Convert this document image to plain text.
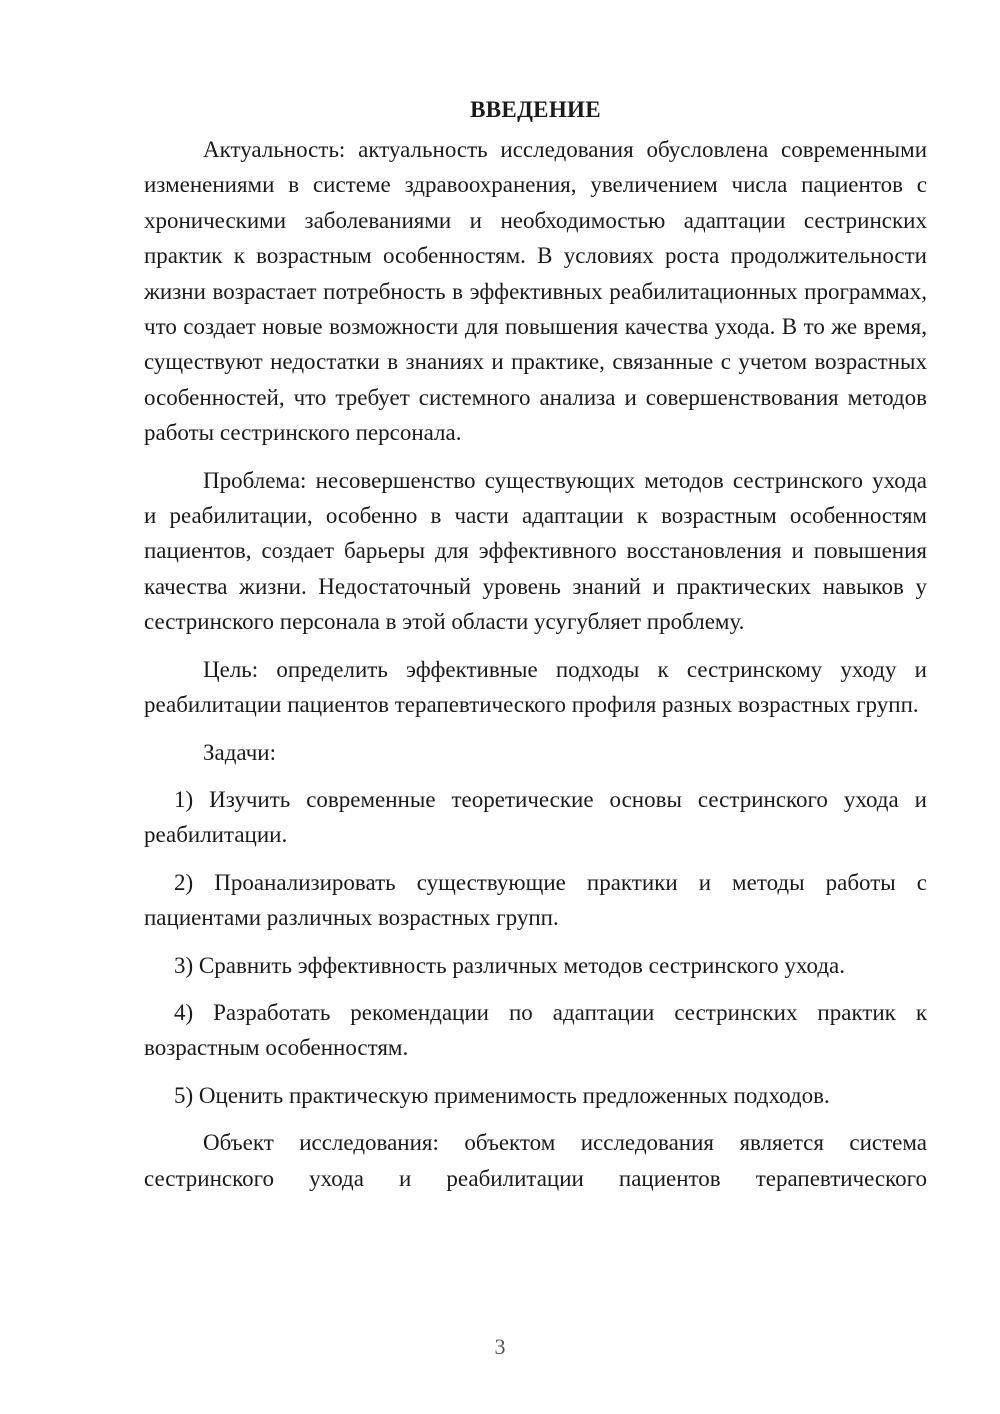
ВВЕДЕНИЕ

Актуальность: актуальность исследования обусловлена современными изменениями в системе здравоохранения, увеличением числа пациентов с хроническими заболеваниями и необходимостью адаптации сестринских практик к возрастным особенностям. В условиях роста продолжительности жизни возрастает потребность в эффективных реабилитационных программах, что создает новые возможности для повышения качества ухода. В то же время, существуют недостатки в знаниях и практике, связанные с учетом возрастных особенностей, что требует системного анализа и совершенствования методов работы сестринского персонала.

Проблема: несовершенство существующих методов сестринского ухода и реабилитации, особенно в части адаптации к возрастным особенностям пациентов, создает барьеры для эффективного восстановления и повышения качества жизни. Недостаточный уровень знаний и практических навыков у сестринского персонала в этой области усугубляет проблему.

Цель: определить эффективные подходы к сестринскому уходу и реабилитации пациентов терапевтического профиля разных возрастных групп.

Задачи:

1) Изучить современные теоретические основы сестринского ухода и реабилитации.

2) Проанализировать существующие практики и методы работы с пациентами различных возрастных групп.

3) Сравнить эффективность различных методов сестринского ухода.

4) Разработать рекомендации по адаптации сестринских практик к возрастным особенностям.

5) Оценить практическую применимость предложенных подходов.

Объект исследования: объектом исследования является система сестринского ухода и реабилитации пациентов терапевтического

3
